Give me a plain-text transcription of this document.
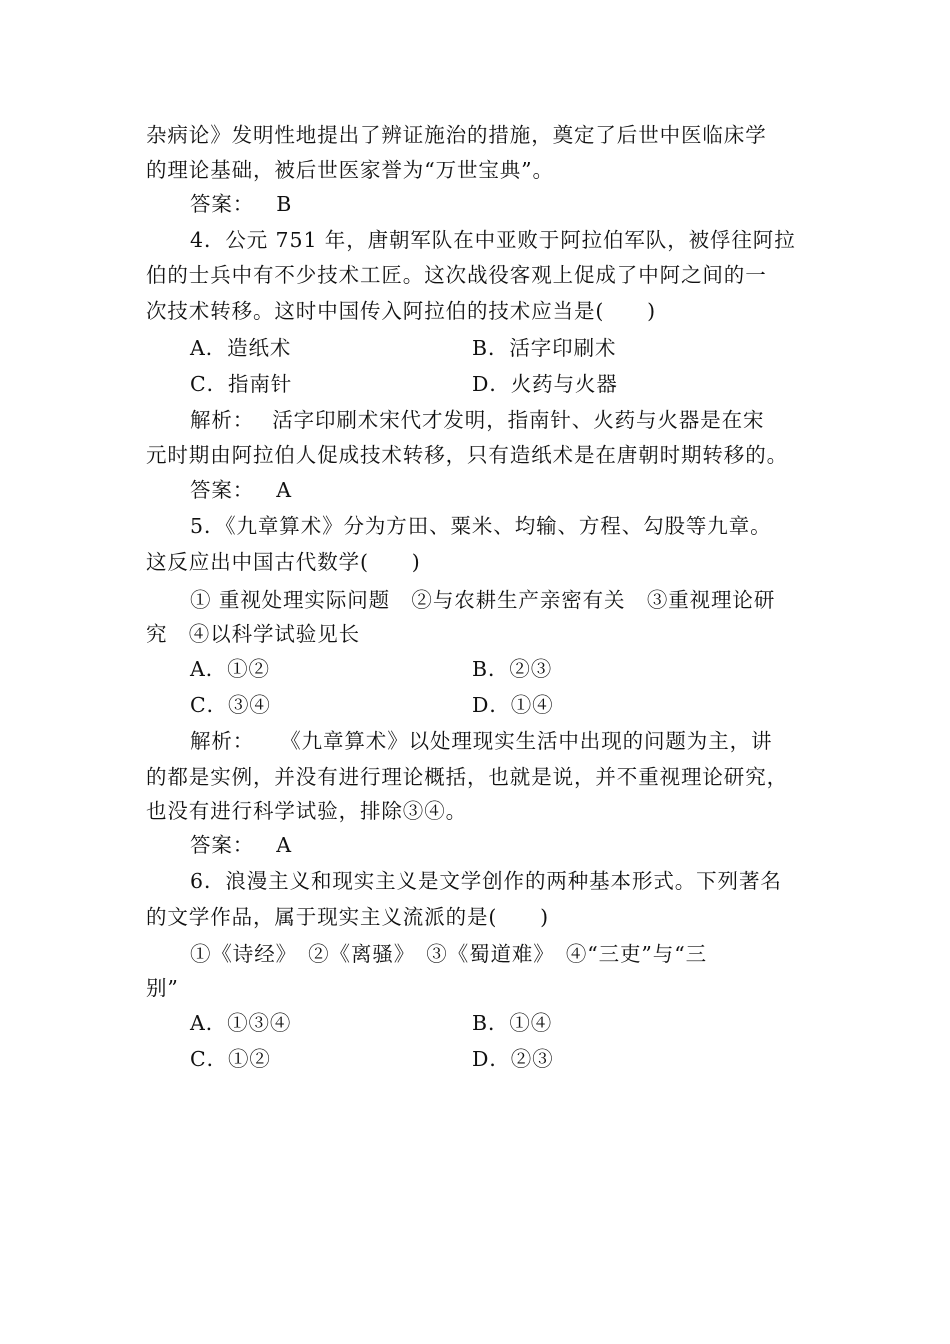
杂病论》发明性地提出了辨证施治的措施，奠定了后世中医临床学
的理论基础，被后世医家誉为“万世宝典”。
答案： B
4．公元 751 年，唐朝军队在中亚败于阿拉伯军队，被俘往阿拉
伯的士兵中有不少技术工匠。这次战役客观上促成了中阿之间的一
次技术转移。这时中国传入阿拉伯的技术应当是(　　)
A．造纸术	B．活字印刷术
C．指南针	D．火药与火器
解析： 活字印刷术宋代才发明，指南针、火药与火器是在宋
元时期由阿拉伯人促成技术转移，只有造纸术是在唐朝时期转移的。
答案： A
5．《九章算术》分为方田、粟米、均输、方程、勾股等九章。
这反应出中国古代数学(　　)
① 重视处理实际问题　②与农耕生产亲密有关　③重视理论研
究　④以科学试验见长
A．①②	B．②③
C．③④	D．①④
解析： 《九章算术》以处理现实生活中出现的问题为主，讲
的都是实例，并没有进行理论概括，也就是说，并不重视理论研究，
也没有进行科学试验，排除③④。
答案： A
6．浪漫主义和现实主义是文学创作的两种基本形式。下列著名
的文学作品，属于现实主义流派的是(　　)
①《诗经》　②《离骚》　③《蜀道难》　④“三吏”与“三
别”
A．①③④	B．①④
C．①②	D．②③
